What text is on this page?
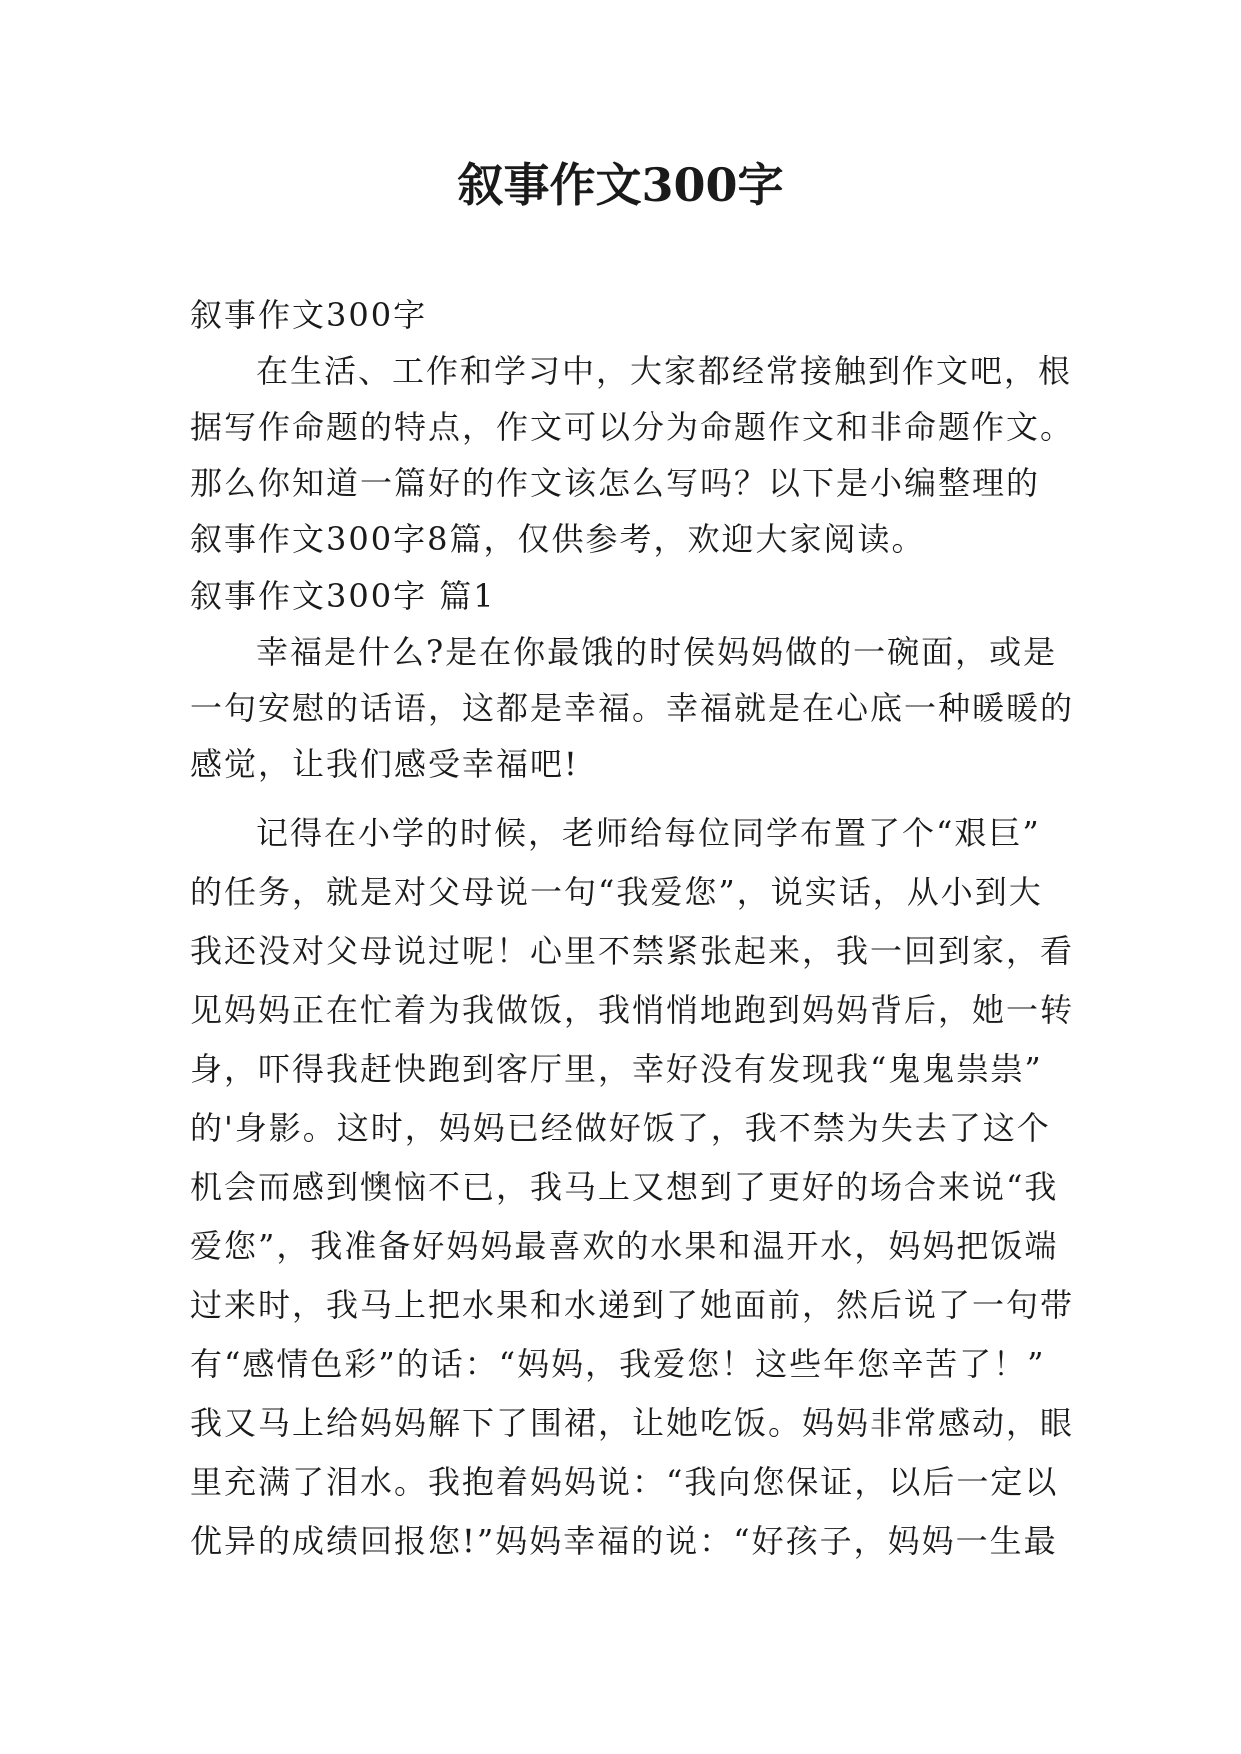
叙事作文300字
叙事作文300字
在生活、工作和学习中，大家都经常接触到作文吧，根
据写作命题的特点，作文可以分为命题作文和非命题作文。
那么你知道一篇好的作文该怎么写吗？以下是小编整理的
叙事作文300字8篇，仅供参考，欢迎大家阅读。
叙事作文300字 篇1
幸福是什么?是在你最饿的时侯妈妈做的一碗面，或是
一句安慰的话语，这都是幸福。幸福就是在心底一种暖暖的
感觉，让我们感受幸福吧!
记得在小学的时候，老师给每位同学布置了个“艰巨”
的任务，就是对父母说一句“我爱您”，说实话，从小到大
我还没对父母说过呢！心里不禁紧张起来，我一回到家，看
见妈妈正在忙着为我做饭，我悄悄地跑到妈妈背后，她一转
身，吓得我赶快跑到客厅里，幸好没有发现我“鬼鬼祟祟”
的'身影。这时，妈妈已经做好饭了，我不禁为失去了这个
机会而感到懊恼不已，我马上又想到了更好的场合来说“我
爱您”，我准备好妈妈最喜欢的水果和温开水，妈妈把饭端
过来时，我马上把水果和水递到了她面前，然后说了一句带
有“感情色彩”的话：“妈妈，我爱您！这些年您辛苦了！”
我又马上给妈妈解下了围裙，让她吃饭。妈妈非常感动，眼
里充满了泪水。我抱着妈妈说：“我向您保证，以后一定以
优异的成绩回报您!”妈妈幸福的说：“好孩子，妈妈一生最
